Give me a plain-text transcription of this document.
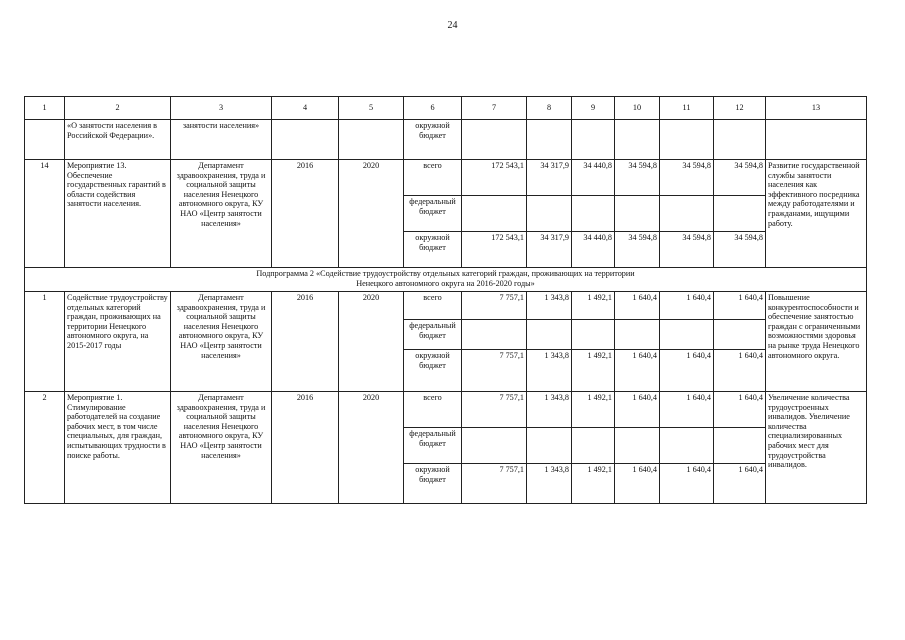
24
1	2	3	4	5	6	7	8	9	10	11	12	13
	«О занятости населения в Российской Федерации».	занятости населения»			окружной бюджет							
14	Мероприятие 13. Обеспечение государственных гарантий в области содействия занятости населения.	Департамент здравоохранения, труда и социальной защиты населения Ненецкого автономного округа, КУ НАО «Центр занятости населения»	2016	2020	всего	172 543,1	34 317,9	34 440,8	34 594,8	34 594,8	34 594,8	Развитие государственной службы занятости населения как эффективного посредника между работодателями и гражданами, ищущими работу.
					федеральный бюджет							
					окружной бюджет	172 543,1	34 317,9	34 440,8	34 594,8	34 594,8	34 594,8	

Подпрограмма 2 «Содействие трудоустройству отдельных категорий граждан, проживающих на территории
Ненецкого автономного округа на 2016-2020 годы»												

1	Содействие трудоустройству отдельных категорий граждан, проживающих на территории Ненецкого автономного округа, на 2015-2017 годы	Департамент здравоохранения, труда и социальной защиты населения Ненецкого автономного округа, КУ НАО «Центр занятости населения»	2016	2020	всего	7 757,1	1 343,8	1 492,1	1 640,4	1 640,4	1 640,4	Повышение конкурентоспособности и обеспечение занятостью граждан с ограниченными возможностями здоровья на рынке труда Ненецкого автономного округа.
					федеральный бюджет							
					окружной бюджет	7 757,1	1 343,8	1 492,1	1 640,4	1 640,4	1 640,4	
2	Мероприятие 1. Стимулирование работодателей на создание рабочих мест, в том числе специальных, для граждан, испытывающих трудности в поиске работы.	Департамент здравоохранения, труда и социальной защиты населения Ненецкого автономного округа, КУ НАО «Центр занятости населения»	2016	2020	всего	7 757,1	1 343,8	1 492,1	1 640,4	1 640,4	1 640,4	Увеличение количества трудоустроенных инвалидов. Увеличение количества специализированных рабочих мест для трудоустройства инвалидов.
					федеральный бюджет							
					окружной бюджет	7 757,1	1 343,8	1 492,1	1 640,4	1 640,4	1 640,4	
